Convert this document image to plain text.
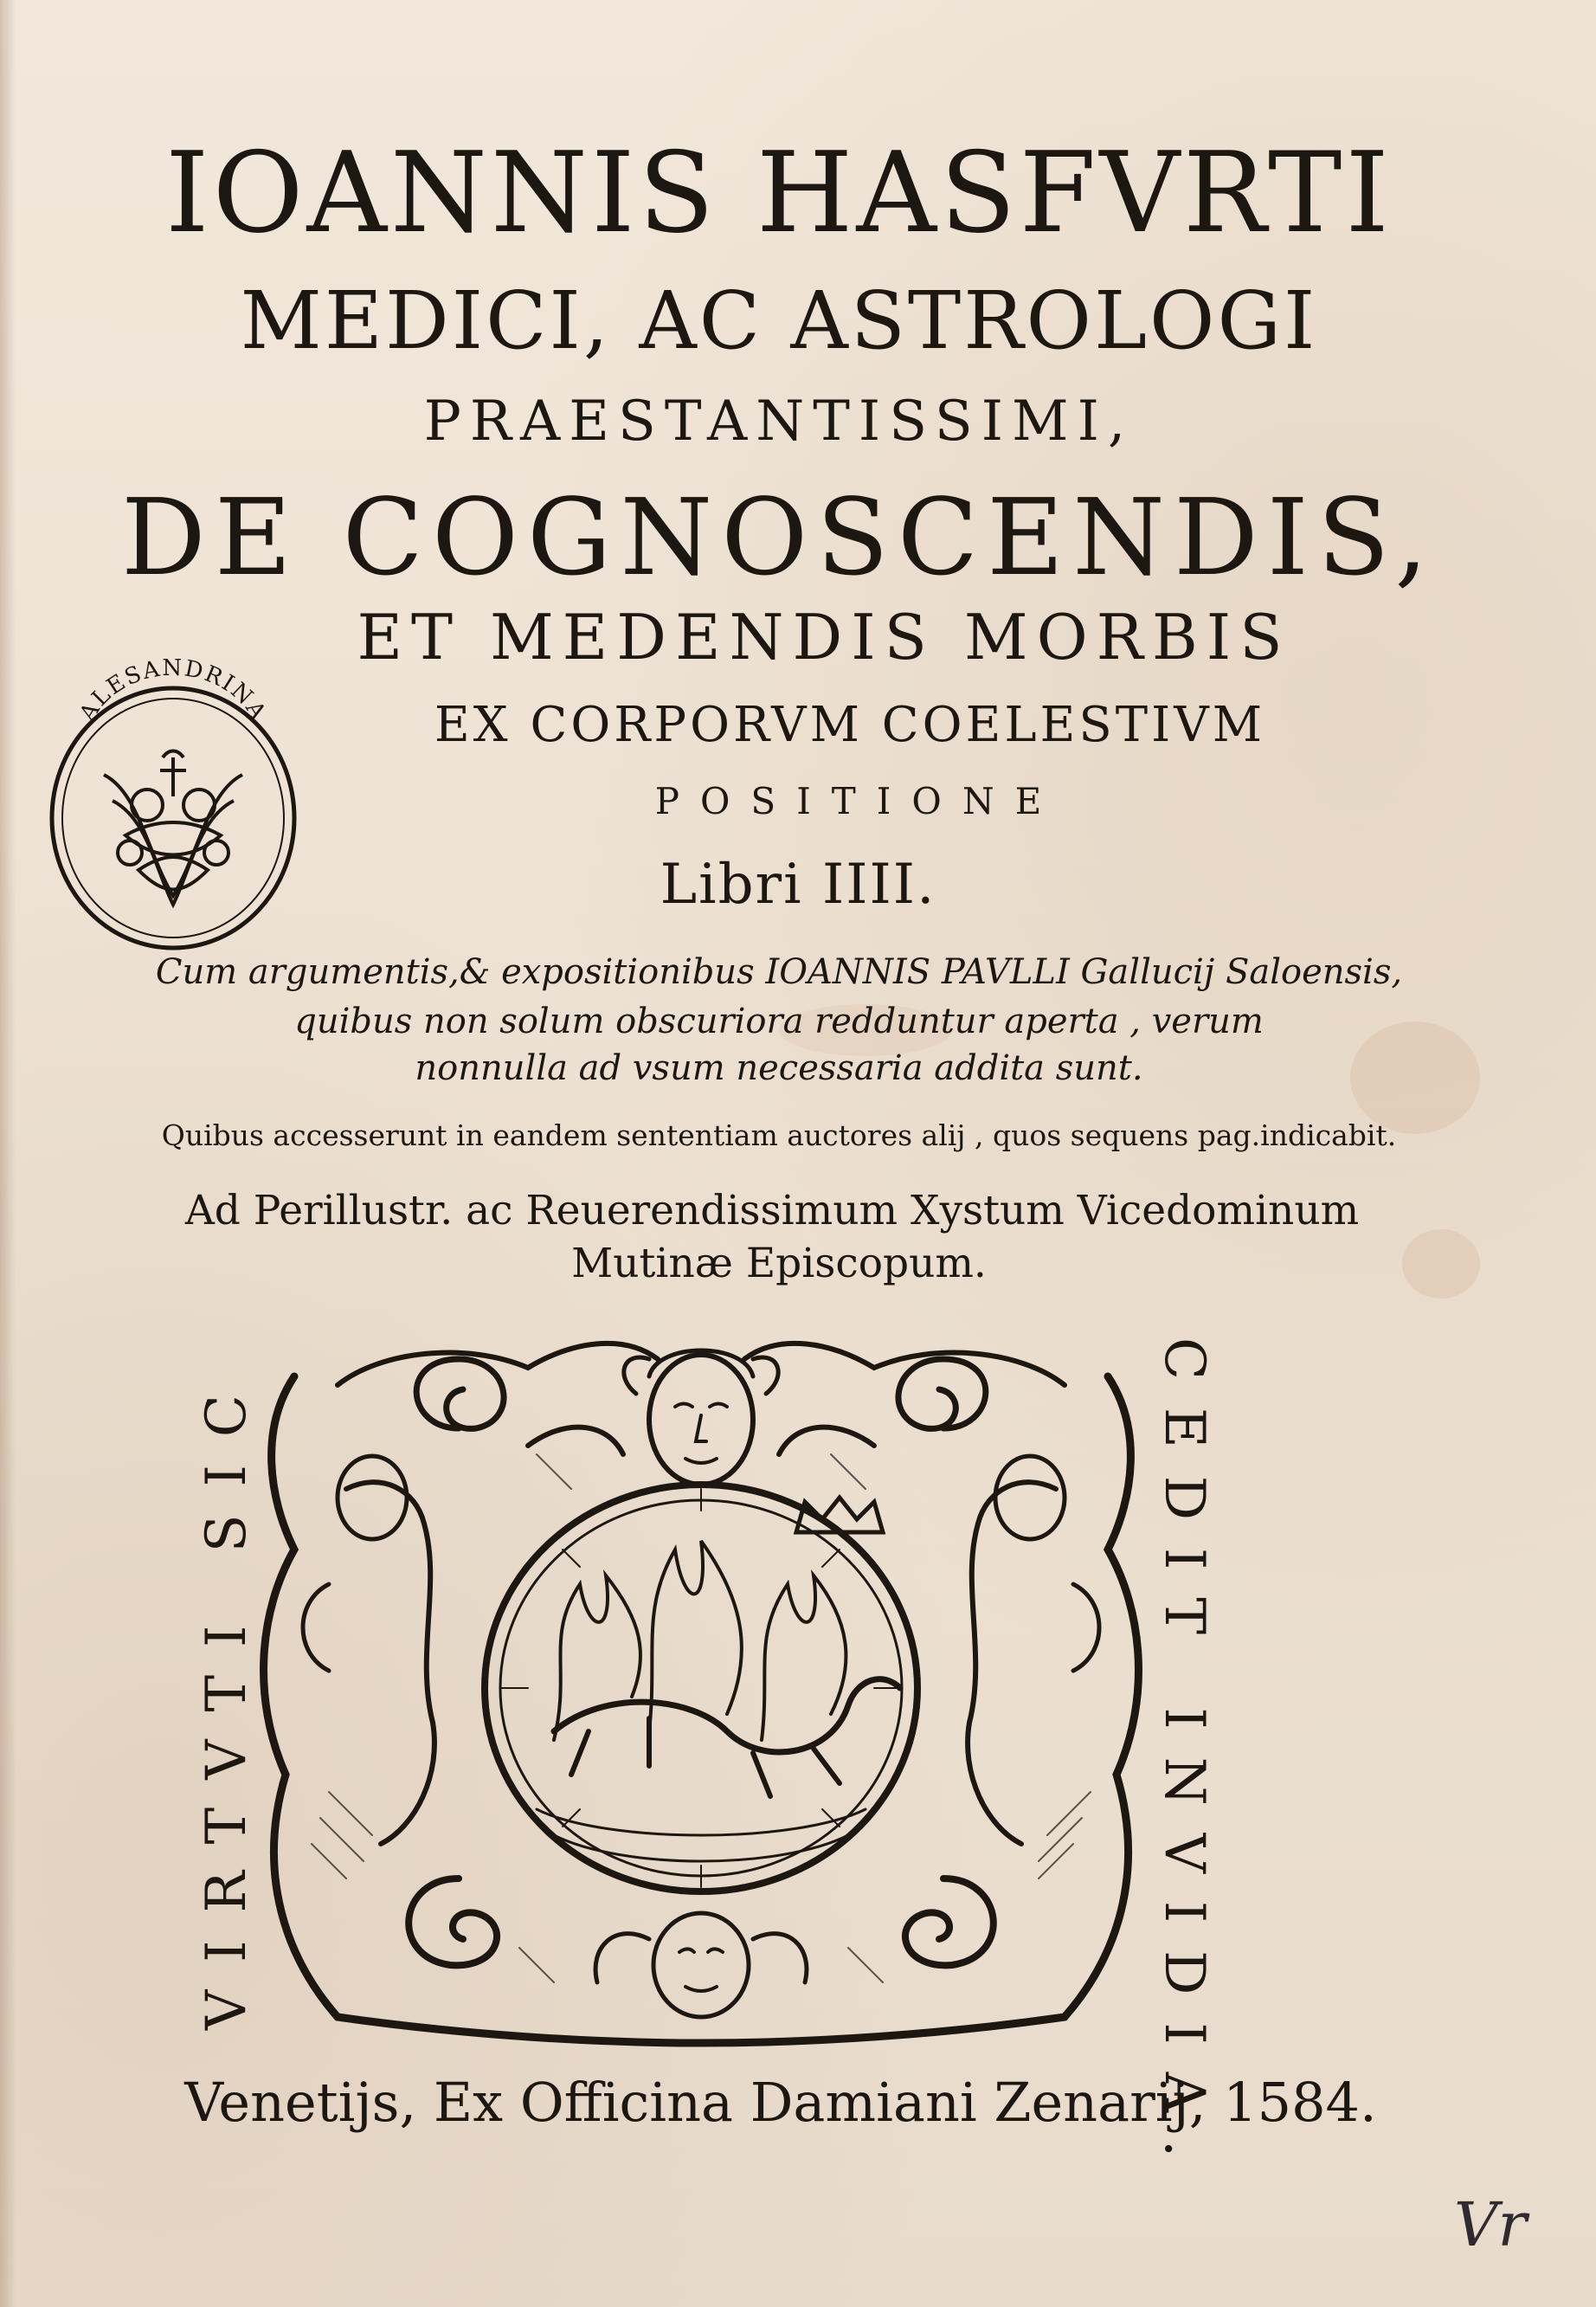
IOANNIS HASFVRTI
MEDICI, AC ASTROLOGI
PRAESTANTISSIMI,
DE COGNOSCENDIS,
ET MEDENDIS MORBIS
EX CORPORVM COELESTIVM
POSITIONE
Libri IIII.
Cum argumentis,& expositionibus IOANNIS PAVLLI Gallucij Saloensis,
quibus non solum obscuriora redduntur aperta , verum
nonnulla ad vsum necessaria addita sunt.
Quibus accesserunt in eandem sententiam auctores alij , quos sequens pag.indicabit.
Ad Perillustr. ac Reuerendissimum Xystum Vicedominum
Mutinæ Episcopum.
ALESANDRINA
VIRTVTI SIC	CEDIT INVIDIA.
Venetijs, Ex Officina Damiani Zenarij, 1584.
Vr
